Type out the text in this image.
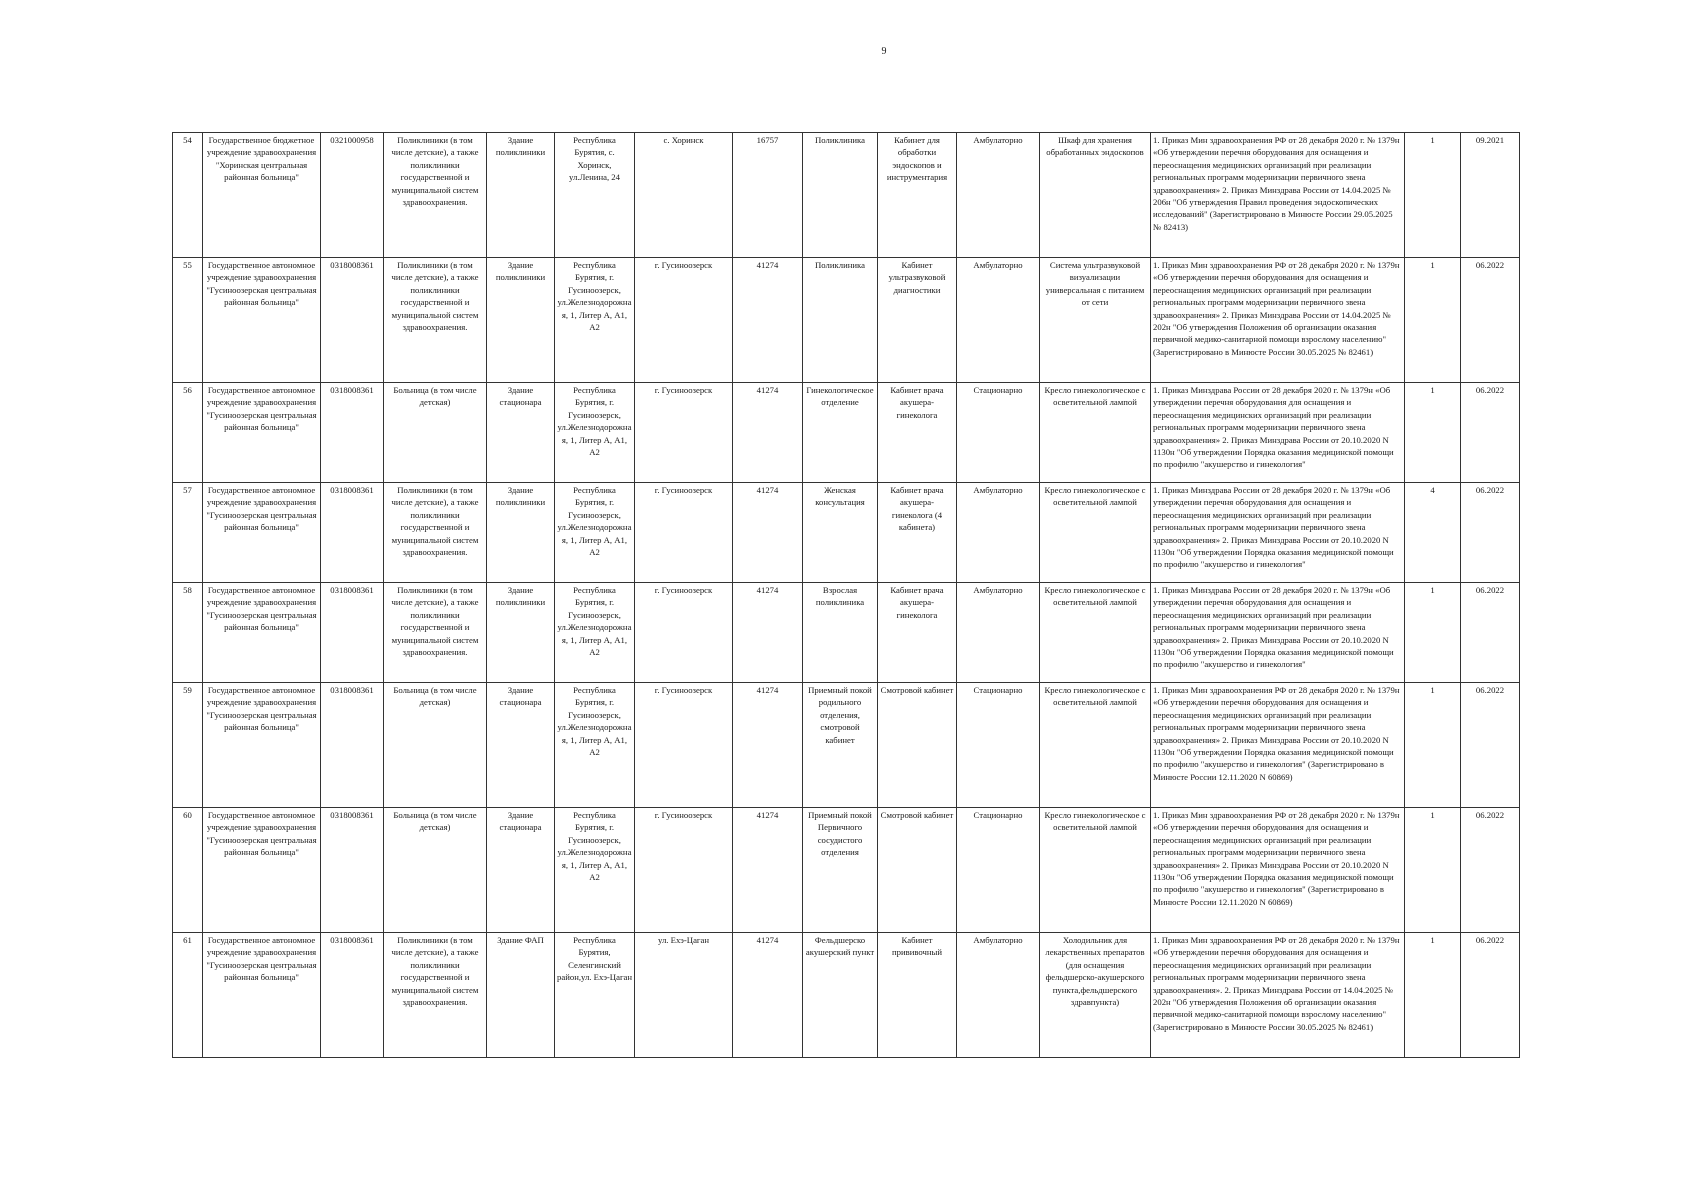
9
54	Государственное бюджетное учреждение здравоохранения "Хоринская центральная районная больница"	0321000958	Поликлиники (в том числе детские), а также поликлиники государственной и муниципальной систем здравоохранения.	Здание поликлиники	Республика Бурятия, с. Хоринск, ул.Ленина, 24	с. Хоринск	16757	Поликлиника	Кабинет для обработки эндоскопов и инструментария	Амбулаторно	Шкаф для хранения обработанных эндоскопов	1. Приказ Мин здравоохранения РФ от 28 декабря 2020 г. № 1379н «Об утверждении перечня оборудования для оснащения и переоснащения медицинских организаций при реализации региональных программ модернизации первичного звена здравоохранения» 2. Приказ Минздрава России от 14.04.2025 № 206н "Об утверждения Правил проведения эндоскопических исследований" (Зарегистрировано в Минюсте России 29.05.2025 № 82413)	1	09.2021
55	Государственное автономное учреждение здравоохранения "Гусиноозерская центральная районная больница"	0318008361	Поликлиники (в том числе детские), а также поликлиники государственной и муниципальной систем здравоохранения.	Здание поликлиники	Республика Бурятия, г. Гусиноозерск, ул.Железнодорожная, 1, Литер А, А1, А2	г. Гусиноозерск	41274	Поликлиника	Кабинет ультразвуковой диагностики	Амбулаторно	Система ультразвуковой визуализации универсальная с питанием от сети	1. Приказ Мин здравоохранения РФ от 28 декабря 2020 г. № 1379н «Об утверждении перечня оборудования для оснащения и переоснащения медицинских организаций при реализации региональных программ модернизации первичного звена здравоохранения» 2. Приказ Минздрава России от 14.04.2025 № 202н "Об утверждения Положения об организации оказания первичной медико-санитарной помощи взрослому населению" (Зарегистрировано в Минюсте России 30.05.2025 № 82461)	1	06.2022
56	Государственное автономное учреждение здравоохранения "Гусиноозерская центральная районная больница"	0318008361	Больница (в том числе детская)	Здание стационара	Республика Бурятия, г. Гусиноозерск, ул.Железнодорожная, 1, Литер А, А1, А2	г. Гусиноозерск	41274	Гинекологическое отделение	Кабинет врача акушера-гинеколога	Стационарно	Кресло гинекологическое с осветительной лампой	1. Приказ Минздрава России от 28 декабря 2020 г. № 1379н «Об утверждении перечня оборудования для оснащения и переоснащения медицинских организаций при реализации региональных программ модернизации первичного звена здравоохранения» 2. Приказ Минздрава России от 20.10.2020 N 1130н "Об утверждении Порядка оказания медицинской помощи по профилю "акушерство и гинекология"	1	06.2022
57	Государственное автономное учреждение здравоохранения "Гусиноозерская центральная районная больница"	0318008361	Поликлиники (в том числе детские), а также поликлиники государственной и муниципальной систем здравоохранения.	Здание поликлиники	Республика Бурятия, г. Гусиноозерск, ул.Железнодорожная, 1, Литер А, А1, А2	г. Гусиноозерск	41274	Женская консультация	Кабинет врача акушера-гинеколога (4 кабинета)	Амбулаторно	Кресло гинекологическое с осветительной лампой	1. Приказ Минздрава России от 28 декабря 2020 г. № 1379н «Об утверждении перечня оборудования для оснащения и переоснащения медицинских организаций при реализации региональных программ модернизации первичного звена здравоохранения» 2. Приказ Минздрава России от 20.10.2020 N 1130н "Об утверждении Порядка оказания медицинской помощи по профилю "акушерство и гинекология"	4	06.2022
58	Государственное автономное учреждение здравоохранения "Гусиноозерская центральная районная больница"	0318008361	Поликлиники (в том числе детские), а также поликлиники государственной и муниципальной систем здравоохранения.	Здание поликлиники	Республика Бурятия, г. Гусиноозерск, ул.Железнодорожная, 1, Литер А, А1, А2	г. Гусиноозерск	41274	Взрослая поликлиника	Кабинет врача акушера-гинеколога	Амбулаторно	Кресло гинекологическое с осветительной лампой	1. Приказ Минздрава России от 28 декабря 2020 г. № 1379н «Об утверждении перечня оборудования для оснащения и переоснащения медицинских организаций при реализации региональных программ модернизации первичного звена здравоохранения» 2. Приказ Минздрава России от 20.10.2020 N 1130н "Об утверждении Порядка оказания медицинской помощи по профилю "акушерство и гинекология"	1	06.2022
59	Государственное автономное учреждение здравоохранения "Гусиноозерская центральная районная больница"	0318008361	Больница (в том числе детская)	Здание стационара	Республика Бурятия, г. Гусиноозерск, ул.Железнодорожная, 1, Литер А, А1, А2	г. Гусиноозерск	41274	Приемный покой родильного отделения, смотровой кабинет	Смотровой кабинет	Стационарно	Кресло гинекологическое с осветительной лампой	1. Приказ Мин здравоохранения РФ от 28 декабря 2020 г. № 1379н «Об утверждении перечня оборудования для оснащения и переоснащения медицинских организаций при реализации региональных программ модернизации первичного звена здравоохранения» 2. Приказ Минздрава России от 20.10.2020 N 1130н "Об утверждении Порядка оказания медицинской помощи по профилю "акушерство и гинекология" (Зарегистрировано в Минюсте России 12.11.2020 N 60869)	1	06.2022
60	Государственное автономное учреждение здравоохранения "Гусиноозерская центральная районная больница"	0318008361	Больница (в том числе детская)	Здание стационара	Республика Бурятия, г. Гусиноозерск, ул.Железнодорожная, 1, Литер А, А1, А2	г. Гусиноозерск	41274	Приемный покой Первичного сосудистого отделения	Смотровой кабинет	Стационарно	Кресло гинекологическое с осветительной лампой	1. Приказ Мин здравоохранения РФ от 28 декабря 2020 г. № 1379н «Об утверждении перечня оборудования для оснащения и переоснащения медицинских организаций при реализации региональных программ модернизации первичного звена здравоохранения» 2. Приказ Минздрава России от 20.10.2020 N 1130н "Об утверждении Порядка оказания медицинской помощи по профилю "акушерство и гинекология" (Зарегистрировано в Минюсте России 12.11.2020 N 60869)	1	06.2022
61	Государственное автономное учреждение здравоохранения "Гусиноозерская центральная районная больница"	0318008361	Поликлиники (в том числе детские), а также поликлиники государственной и муниципальной систем здравоохранения.	Здание ФАП	Республика Бурятия, Селенгинский район,ул. Ехэ-Цаган	ул. Ехэ-Цаган	41274	Фельдшерско акушерский пункт	Кабинет прививочный	Амбулаторно	Холодильник для лекарственных препаратов (для оснащения фельдшерско-акушерского пункта,фельдшерского здравпункта)	1. Приказ Мин здравоохранения РФ от 28 декабря 2020 г. № 1379н «Об утверждении перечня оборудования для оснащения и переоснащения медицинских организаций при реализации региональных программ модернизации первичного звена здравоохранения». 2. Приказ Минздрава России от 14.04.2025 № 202н "Об утверждения Положения об организации оказания первичной медико-санитарной помощи взрослому населению" (Зарегистрировано в Минюсте России 30.05.2025 № 82461)	1	06.2022
